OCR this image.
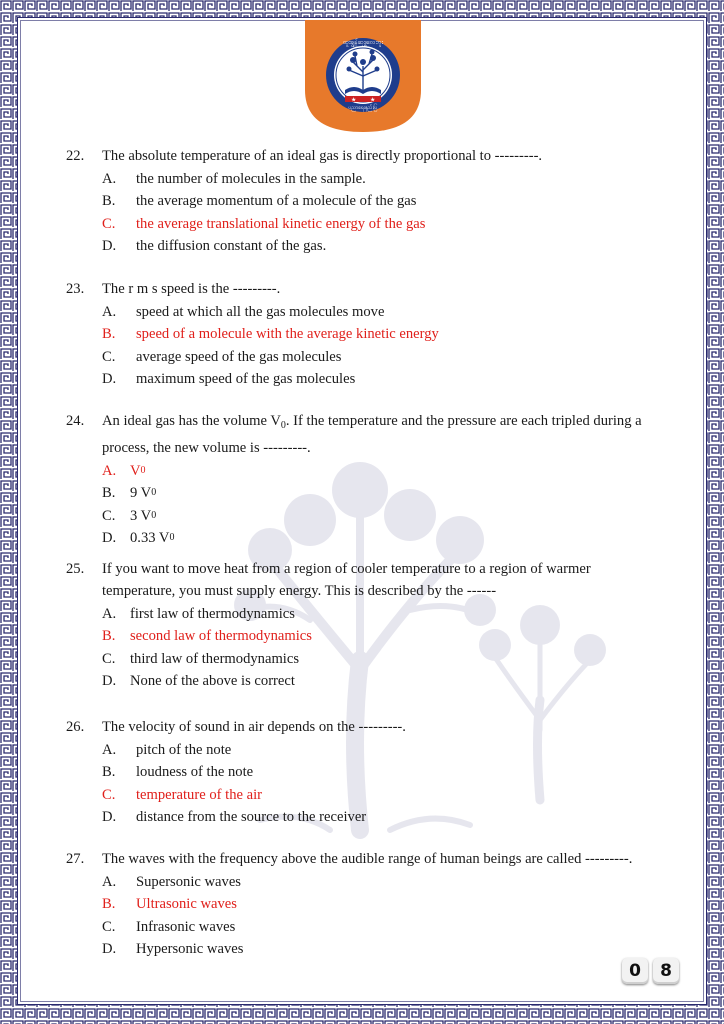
★ ★
ထူးချွန်ဆုဒ္ဓလေဘူး
ပညာရေးနည်းပြ
22.	The absolute temperature of an ideal gas is directly proportional to ---------.
A.	the number of molecules in the sample.
B.	the average momentum of a molecule of the gas
C.	the average translational kinetic energy of the gas
D.	the diffusion constant of the gas.
23.	The r m s speed is the ---------.
A.	speed at which all the gas molecules move
B.	speed of a molecule with the average kinetic energy
C.	average speed of the gas molecules
D.	maximum speed of the gas molecules
24.	An ideal gas has the volume $V_0$. If the temperature and the pressure are each tripled during a process, the new volume is ---------.
A. V 0
B.	9 V 0
C.	3 V 0
D. 0.33 V 0
25.	If you want to move heat from a region of cooler temperature to a region of warmer temperature, you must supply energy. This is described by the ------
A. first law of thermodynamics
B.	second law of thermodynamics
C.	third law of thermodynamics
D. None of the above is correct
26.	The velocity of sound in air depends on the ---------.
A.	pitch of the note
B.	loudness of the note
C.	temperature of the air
D.	distance from the source to the receiver
27.	The waves with the frequency above the audible range of human beings are called ---------.
A.	Supersonic waves
B.	Ultrasonic waves
C.	Infrasonic waves
D.	Hypersonic waves
0	8
